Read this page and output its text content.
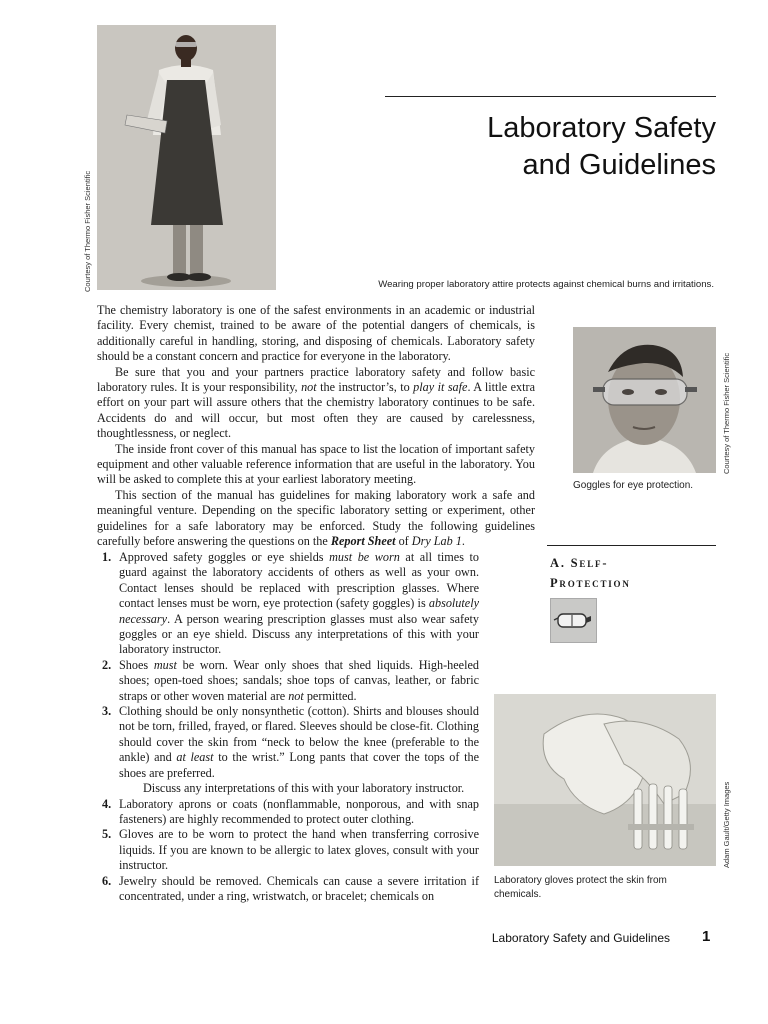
Courtesy of Thermo Fisher Scientific
Laboratory Safety
and Guidelines
Wearing proper laboratory attire protects against chemical burns and irritations.

The chemistry laboratory is one of the safest environments in an academic or industrial facility. Every chemist, trained to be aware of the potential dangers of chemicals, is additionally careful in handling, storing, and disposing of chemicals. Laboratory safety should be a constant concern and practice for everyone in the laboratory.

Be sure that you and your partners practice laboratory safety and follow basic laboratory rules. It is your responsibility, not the instructor’s, to play it safe. A little extra effort on your part will assure others that the chemistry laboratory continues to be safe. Accidents do and will occur, but most often they are caused by carelessness, thoughtlessness, or neglect.

The inside front cover of this manual has space to list the location of important safety equipment and other valuable reference information that are useful in the laboratory. You will be asked to complete this at your earliest laboratory meeting.

This section of the manual has guidelines for making laboratory work a safe and meaningful venture. Depending on the specific laboratory setting or experiment, other guidelines for a safe laboratory may be enforced. Study the following guidelines carefully before answering the questions on the Report Sheet of Dry Lab 1.

Courtesy of Thermo Fisher Scientific
Goggles for eye protection.
A. Self-
Protection
1. Approved safety goggles or eye shields must be worn at all times to guard against the laboratory accidents of others as well as your own. Contact lenses should be replaced with prescription glasses. Where contact lenses must be worn, eye protection (safety goggles) is absolutely necessary. A person wearing prescription glasses must also wear safety goggles or an eye shield. Discuss any interpretations of this with your laboratory instructor.
2. Shoes must be worn. Wear only shoes that shed liquids. High-heeled shoes; open-toed shoes; sandals; shoe tops of canvas, leather, or fabric straps or other woven material are not permitted.
3. Clothing should be only nonsynthetic (cotton). Shirts and blouses should not be torn, frilled, frayed, or flared. Sleeves should be close-fit. Clothing should cover the skin from “neck to below the knee (preferable to the ankle) and at least to the wrist.” Long pants that cover the tops of the shoes are preferred.
Discuss any interpretations of this with your laboratory instructor.
4. Laboratory aprons or coats (nonflammable, nonporous, and with snap fasteners) are highly recommended to protect outer clothing.
5. Gloves are to be worn to protect the hand when transferring corrosive liquids. If you are known to be allergic to latex gloves, consult with your instructor.
6. Jewelry should be removed. Chemicals can cause a severe irritation if concentrated, under a ring, wristwatch, or bracelet; chemicals on
Adam Gault/Getty Images
Laboratory gloves protect the skin from chemicals.
Laboratory Safety and Guidelines 1
